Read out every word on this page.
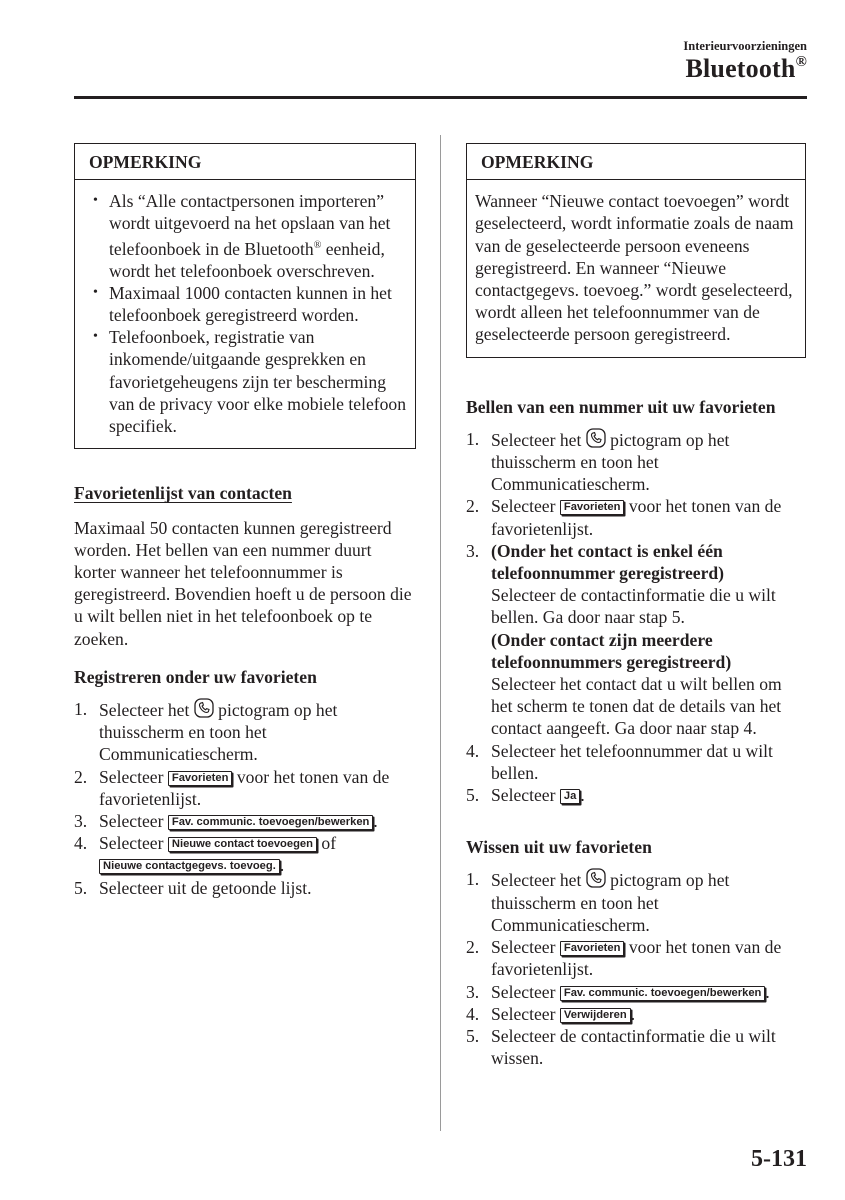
Interieurvoorzieningen
Bluetooth®
OPMERKING
• Als “Alle contactpersonen importeren” wordt uitgevoerd na het opslaan van het telefoonboek in de Bluetooth® eenheid, wordt het telefoonboek overschreven.
• Maximaal 1000 contacten kunnen in het telefoonboek geregistreerd worden.
• Telefoonboek, registratie van inkomende/uitgaande gesprekken en favorietgeheugens zijn ter bescherming van de privacy voor elke mobiele telefoon specifiek.
Favorietenlijst van contacten

Maximaal 50 contacten kunnen geregistreerd worden. Het bellen van een nummer duurt korter wanneer het telefoonnummer is geregistreerd. Bovendien hoeft u de persoon die u wilt bellen niet in het telefoonboek op te zoeken.

Registreren onder uw favorieten
1. Selecteer het pictogram op het thuisscherm en toon het Communicatiescherm.
2. Selecteer Favorieten voor het tonen van de favorietenlijst.
3. Selecteer Fav. communic. toevoegen/bewerken .
4. Selecteer Nieuwe contact toevoegen of Nieuwe contactgegevs. toevoeg. .
5. Selecteer uit de getoonde lijst.
OPMERKING
Wanneer “Nieuwe contact toevoegen” wordt geselecteerd, wordt informatie zoals de naam van de geselecteerde persoon eveneens geregistreerd. En wanneer “Nieuwe contactgegevs. toevoeg.” wordt geselecteerd, wordt alleen het telefoonnummer van de geselecteerde persoon geregistreerd.
Bellen van een nummer uit uw favorieten
1. Selecteer het pictogram op het thuisscherm en toon het Communicatiescherm.
2. Selecteer Favorieten voor het tonen van de favorietenlijst.
3. (Onder het contact is enkel één telefoonnummer geregistreerd)
Selecteer de contactinformatie die u wilt bellen. Ga door naar stap 5.
(Onder contact zijn meerdere telefoonnummers geregistreerd)
Selecteer het contact dat u wilt bellen om het scherm te tonen dat de details van het contact aangeeft. Ga door naar stap 4.
4. Selecteer het telefoonnummer dat u wilt bellen.
5. Selecteer Ja .
Wissen uit uw favorieten
1. Selecteer het pictogram op het thuisscherm en toon het Communicatiescherm.
2. Selecteer Favorieten voor het tonen van de favorietenlijst.
3. Selecteer Fav. communic. toevoegen/bewerken .
4. Selecteer Verwijderen .
5. Selecteer de contactinformatie die u wilt wissen.
5-131
